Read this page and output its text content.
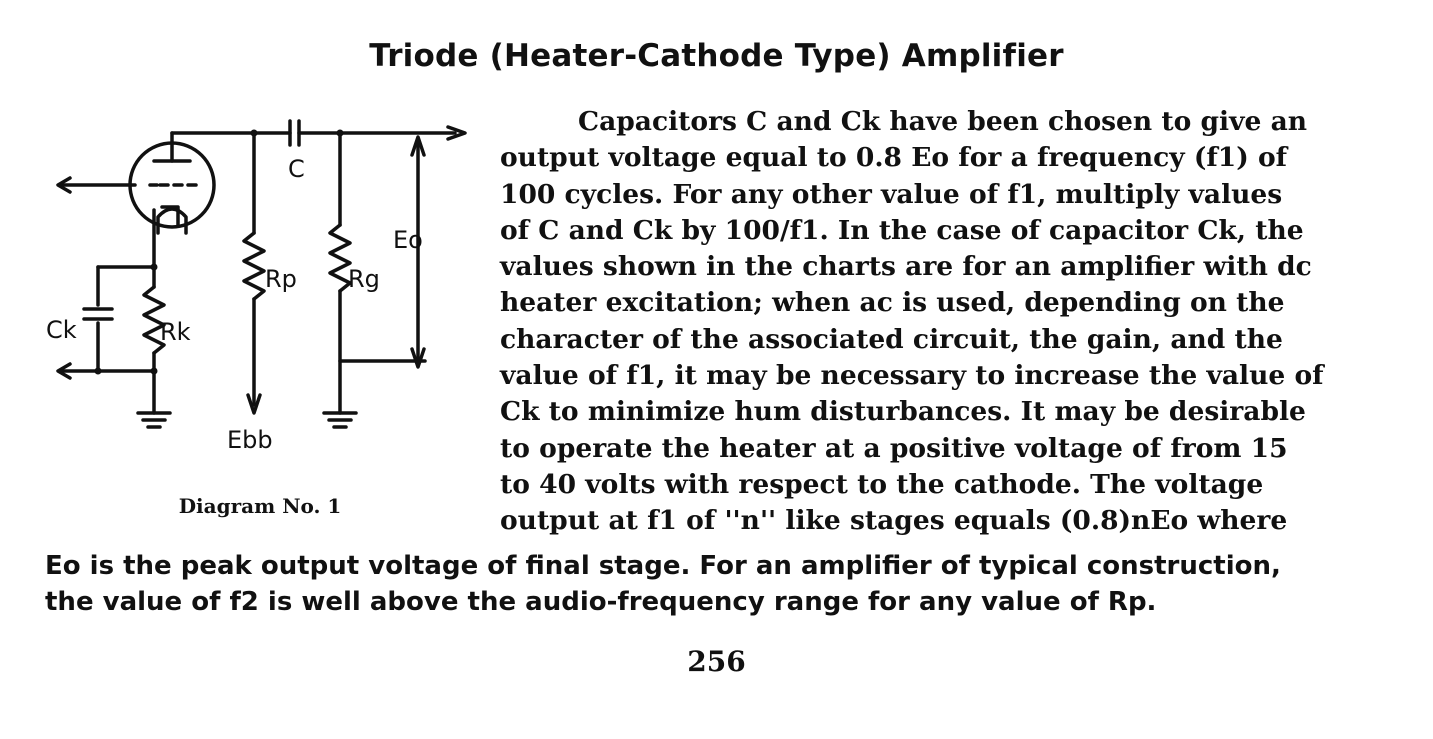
Triode (Heater-Cathode Type) Amplifier
C
Eo
Rp Rg
Ck	Rk
Ebb
Diagram No. 1
Capacitors C and Ck have been chosen to give an
output voltage equal to 0.8 Eo for a frequency (f1) of
100 cycles. For any other value of f1, multiply values
of C and Ck by 100/f1. In the case of capacitor Ck, the
values shown in the charts are for an amplifier with dc
heater excitation; when ac is used, depending on the
character of the associated circuit, the gain, and the
value of f1, it may be necessary to increase the value of
Ck to minimize hum disturbances. It may be desirable
to operate the heater at a positive voltage of from 15
to 40 volts with respect to the cathode. The voltage
output at f1 of ''n'' like stages equals (0.8)nEo where
Eo is the peak output voltage of final stage. For an amplifier of typical construction,
the value of f2 is well above the audio-frequency range for any value of Rp.
256
